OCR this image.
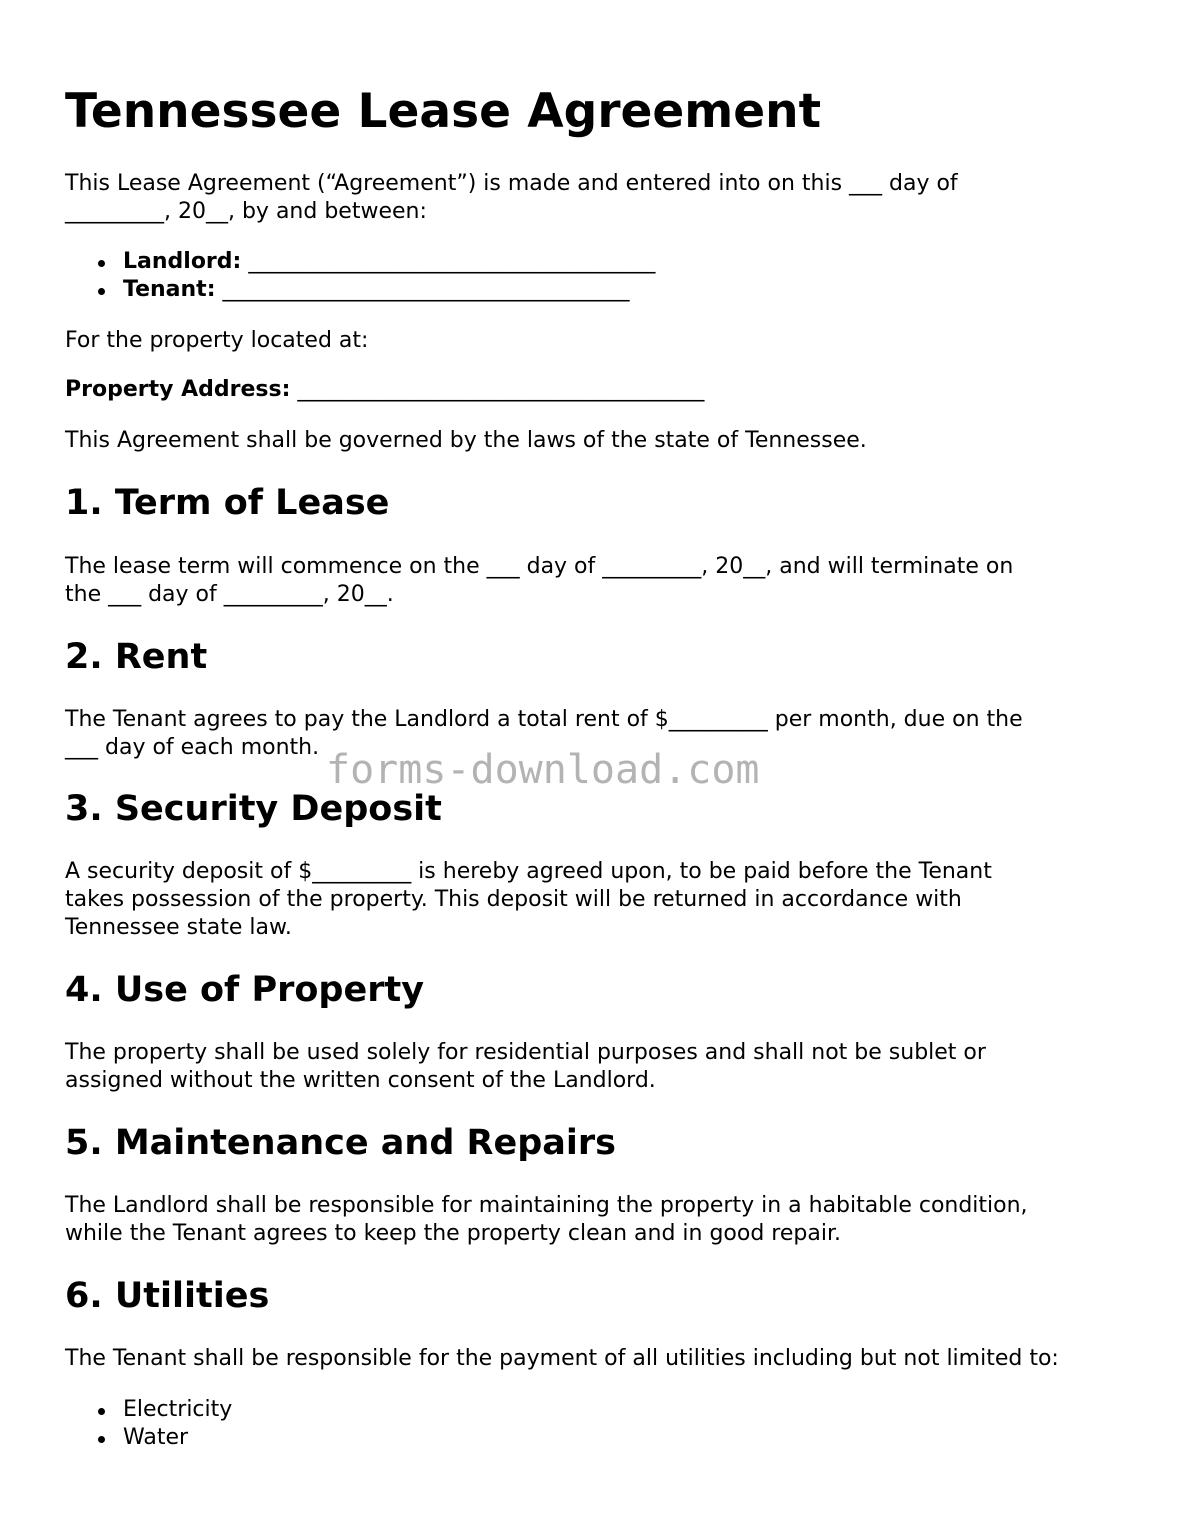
Tennessee Lease Agreement

This Lease Agreement (“Agreement”) is made and entered into on this ___ day of

_________, 20__, by and between:

Landlord: _____________________________________
Tenant: _____________________________________

For the property located at:

Property Address: _____________________________________

This Agreement shall be governed by the laws of the state of Tennessee.

1. Term of Lease

The lease term will commence on the ___ day of _________, 20__, and will terminate on

the ___ day of _________, 20__.

2. Rent

The Tenant agrees to pay the Landlord a total rent of $_________ per month, due on the

___ day of each month.

3. Security Deposit

A security deposit of $_________ is hereby agreed upon, to be paid before the Tenant

takes possession of the property. This deposit will be returned in accordance with

Tennessee state law.

4. Use of Property

The property shall be used solely for residential purposes and shall not be sublet or

assigned without the written consent of the Landlord.

5. Maintenance and Repairs

The Landlord shall be responsible for maintaining the property in a habitable condition,

while the Tenant agrees to keep the property clean and in good repair.

6. Utilities

The Tenant shall be responsible for the payment of all utilities including but not limited to:

Electricity
Water
forms-download.com
